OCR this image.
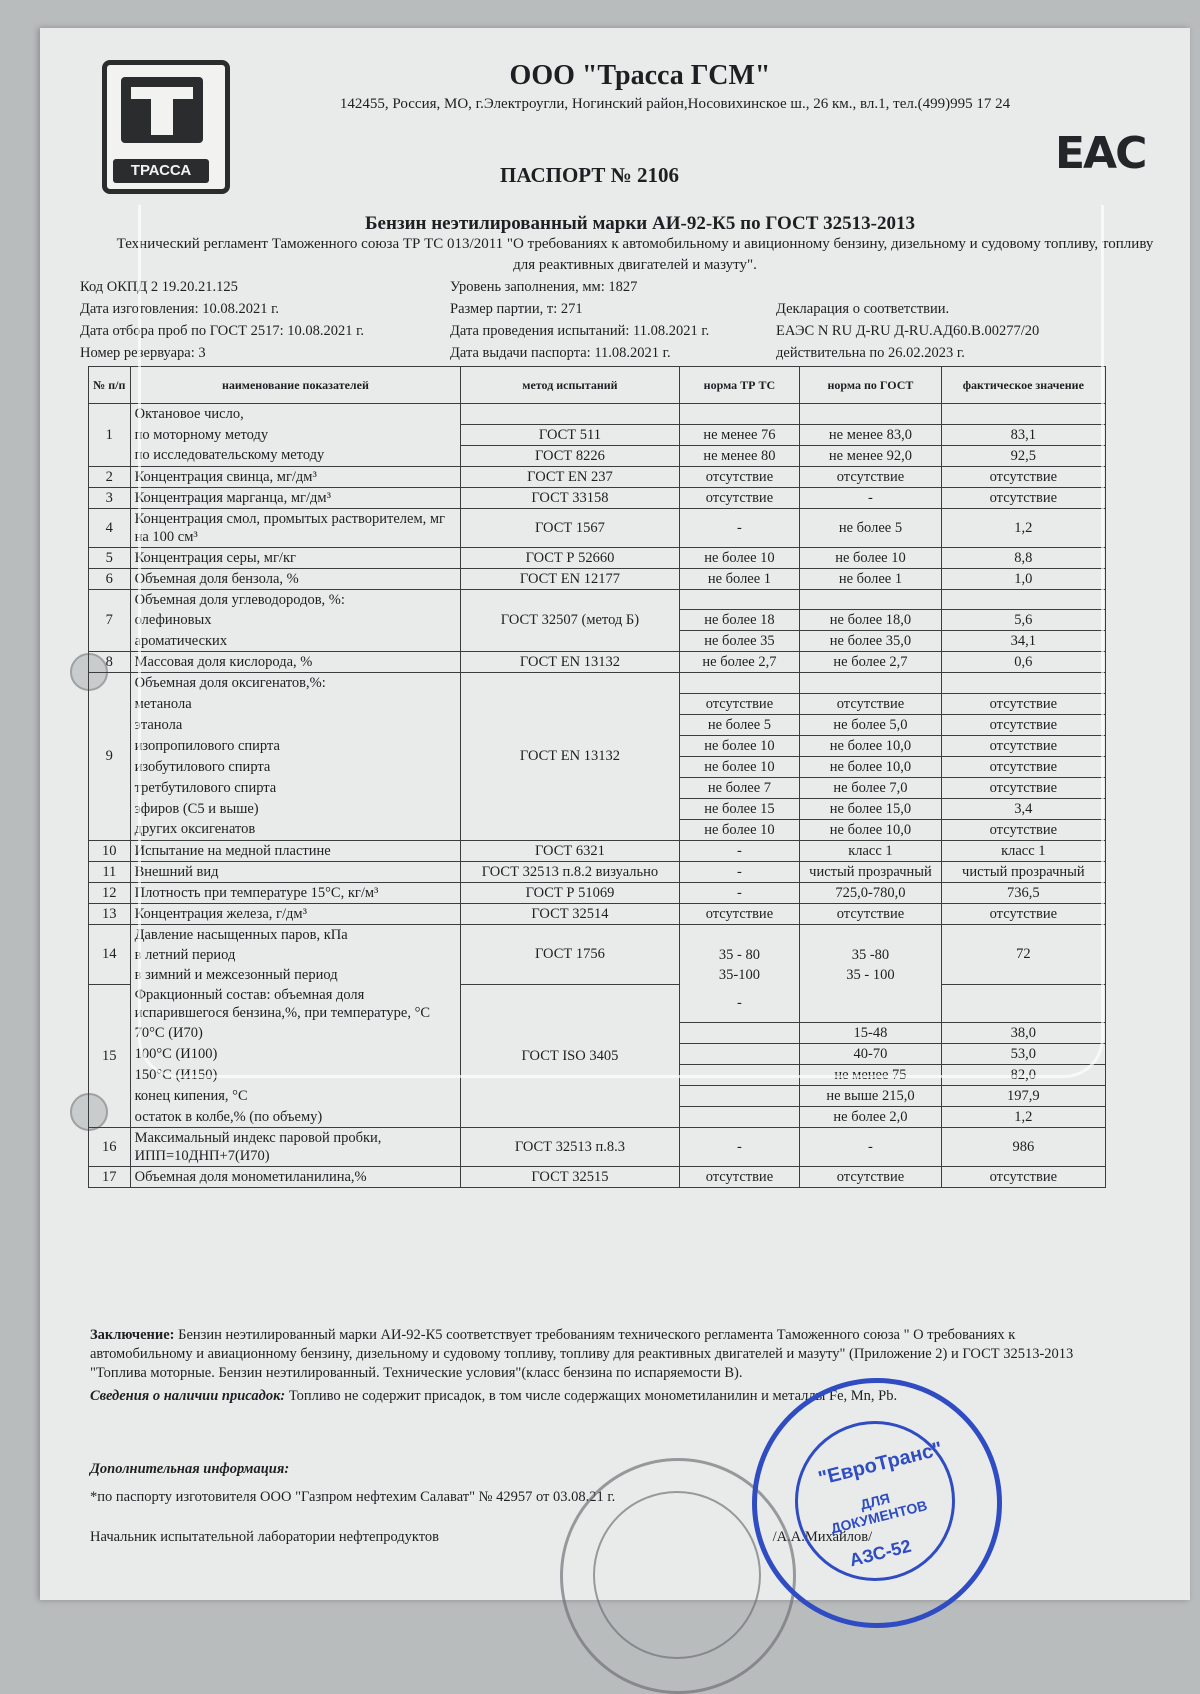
ТРАССА
ООО "Трасса ГСМ"
142455, Россия, МО, г.Электроугли, Ногинский район,Носовихинское ш., 26 км., вл.1, тел.(499)995 17 24
EAC
ПАСПОРТ № 2106
Бензин неэтилированный марки АИ-92-К5 по ГОСТ 32513-2013
Технический регламент Таможенного союза ТР ТС 013/2011 "О требованиях к автомобильному и авиционному бензину, дизельному и судовому топливу, топливу для реактивных двигателей и мазуту".
Код ОКПД 2 19.20.21.125
Дата изготовления: 10.08.2021 г.
Дата отбора проб по ГОСТ 2517: 10.08.2021 г.
Номер резервуара: 3
Уровень заполнения, мм: 1827
Размер партии, т: 271
Дата проведения испытаний: 11.08.2021 г.
Дата выдачи паспорта: 11.08.2021 г.
Декларация о соответствии.
ЕАЭС N RU Д-RU Д-RU.АД60.В.00277/20
действительна по 26.02.2023 г.
№ п/п	наименование показателей	метод испытаний	норма ТР ТС	норма по ГОСТ	фактическое значение
1	Октановое число,				
	по моторному методу	ГОСТ 511	не менее 76	не менее 83,0	83,1
	по исследовательскому методу	ГОСТ 8226	не менее 80	не менее 92,0	92,5
2	Концентрация свинца, мг/дм³	ГОСТ EN 237	отсутствие	отсутствие	отсутствие
3	Концентрация марганца, мг/дм³	ГОСТ 33158	отсутствие	-	отсутствие
4	Концентрация смол, промытых растворителем, мг на 100 см³	ГОСТ 1567	-	не более 5	1,2
5	Концентрация серы, мг/кг	ГОСТ Р 52660	не более 10	не более 10	8,8
6	Объемная доля бензола, %	ГОСТ EN 12177	не более 1	не более 1	1,0
7	Объемная доля углеводородов, %:	ГОСТ 32507 (метод Б)			
	олефиновых		не более 18	не более 18,0	5,6
	ароматических		не более 35	не более 35,0	34,1
8	Массовая доля кислорода, %	ГОСТ EN 13132	не более 2,7	не более 2,7	0,6
9	Объемная доля оксигенатов,%:	ГОСТ EN 13132			
	метанола		отсутствие	отсутствие	отсутствие
	этанола		не более 5	не более 5,0	отсутствие
	изопропилового спирта		не более 10	не более 10,0	отсутствие
	изобутилового спирта		не более 10	не более 10,0	отсутствие
	третбутилового спирта		не более 7	не более 7,0	отсутствие
	эфиров (С5 и выше)		не более 15	не более 15,0	3,4
	других оксигенатов		не более 10	не более 10,0	отсутствие
10	Испытание на медной пластине	ГОСТ 6321	-	класс 1	класс 1
11	Внешний вид	ГОСТ 32513 п.8.2 визуально	-	чистый прозрачный	чистый прозрачный
12	Плотность при температуре 15°С, кг/м³	ГОСТ Р 51069	-	725,0-780,0	736,5
13	Концентрация железа, г/дм³	ГОСТ 32514	отсутствие	отсутствие	отсутствие
14	Давление насыщенных паров, кПа	ГОСТ 1756			72
	в летний период		35 - 80	35 -80	
	в зимний и межсезонный период		35-100	35 - 100	
15	Фракционный состав: объемная доля испарившегося бензина,%, при температуре, °С	ГОСТ ISO 3405	-		
	70°С (И70)			15-48	38,0
	100°С (И100)			40-70	53,0
	150°С (И150)			не менее 75	82,0
	конец кипения, °С			не выше 215,0	197,9
	остаток в колбе,% (по объему)			не более 2,0	1,2
16	Максимальный индекс паровой пробки, ИПП=10ДНП+7(И70)	ГОСТ 32513 п.8.3	-	-	986
17	Объемная доля монометиланилина,%	ГОСТ 32515	отсутствие	отсутствие	отсутствие
Заключение: Бензин неэтилированный марки АИ-92-К5 соответствует требованиям технического регламента Таможенного союза " О требованиях к автомобильному и авиационному бензину, дизельному и судовому топливу, топливу для реактивных двигателей и мазуту" (Приложение 2) и ГОСТ 32513-2013 "Топлива моторные. Бензин неэтилированный. Технические условия"(класс бензина по испаряемости В).
Сведения о наличии присадок: Топливо не содержит присадок, в том числе содержащих монометиланилин и металлы Fe, Mn, Pb.
Дополнительная информация:
*по паспорту изготовителя ООО "Газпром нефтехим Салават" № 42957 от 03.08.21 г.
Начальник испытательной лаборатории нефтепродуктов	/А.А.Михайлов/
"ЕвроТранс"
ДЛЯ ДОКУМЕНТОВ
АЗС-52
